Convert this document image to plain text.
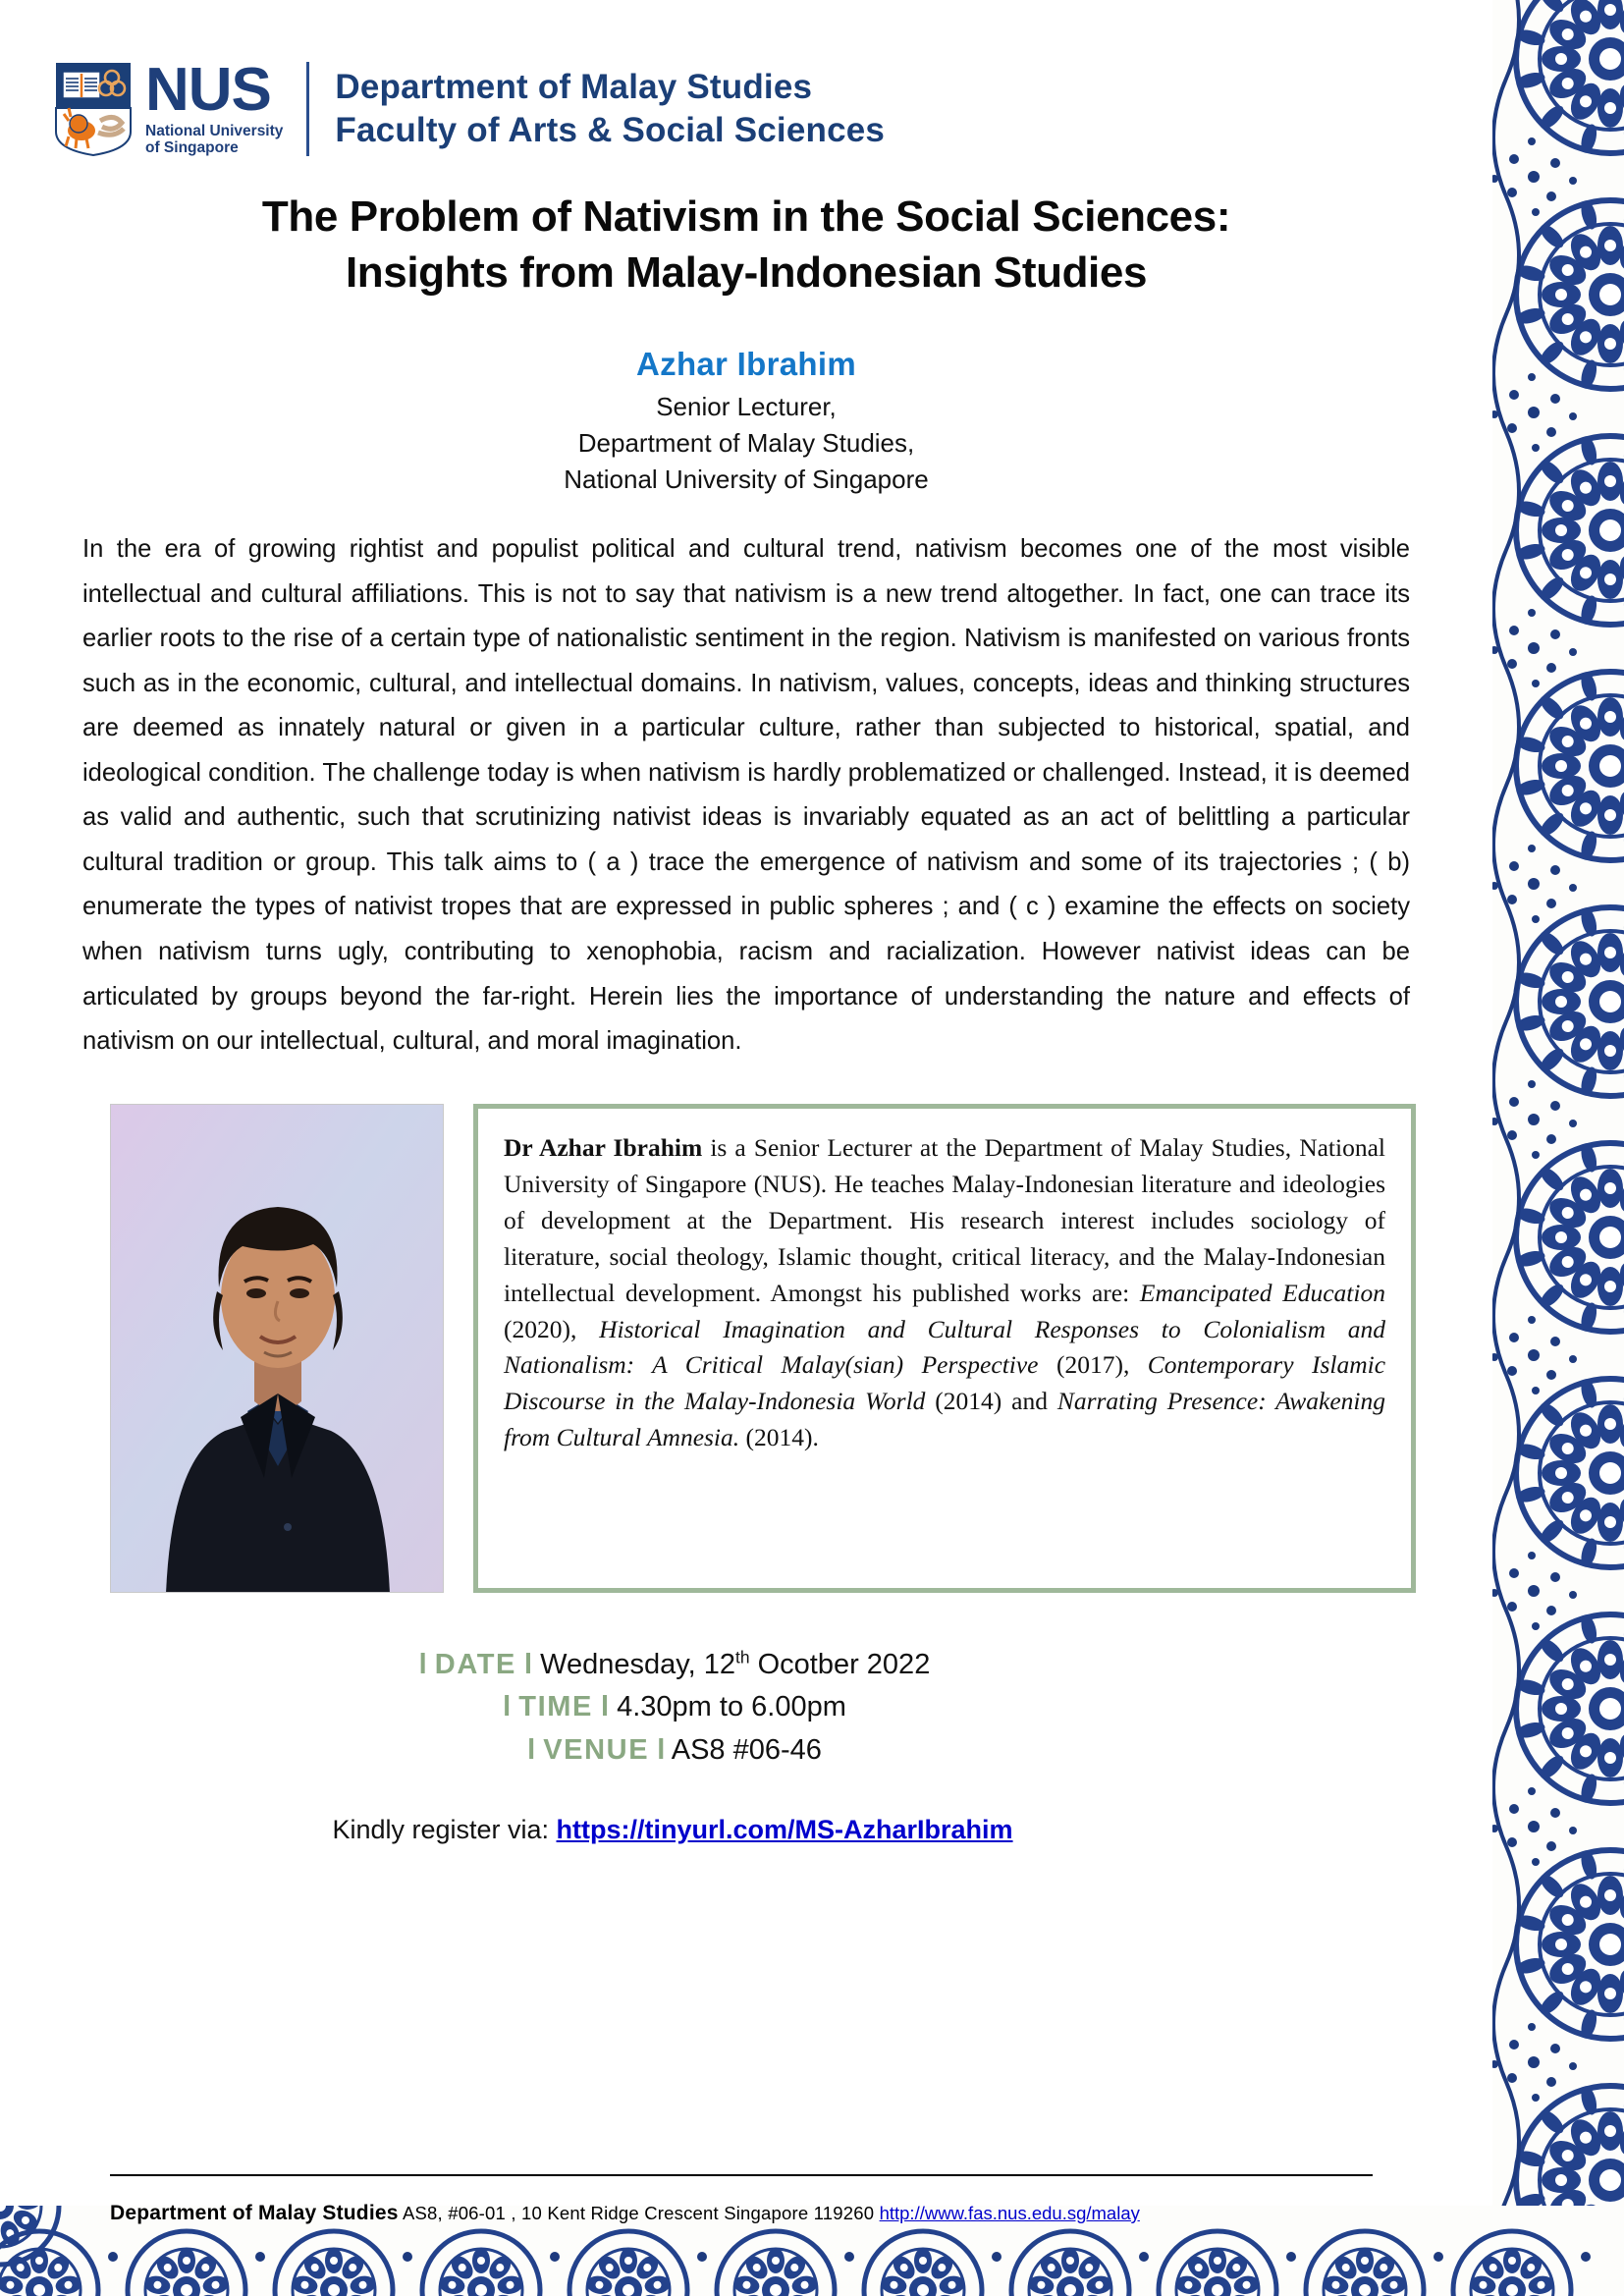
NUS
National University
of Singapore
Department of Malay Studies
Faculty of Arts & Social Sciences
The Problem of Nativism in the Social Sciences:
Insights from Malay-Indonesian Studies
Azhar Ibrahim
Senior Lecturer,
Department of Malay Studies,
National University of Singapore
In the era of growing rightist and populist political and cultural trend, nativism becomes one of the most visible intellectual and cultural affiliations. This is not to say that nativism is a new trend altogether. In fact, one can trace its earlier roots to the rise of a certain type of nationalistic sentiment in the region. Nativism is manifested on various fronts such as in the economic, cultural, and intellectual domains. In nativism, values, concepts, ideas and thinking structures are deemed as innately natural or given in a particular culture, rather than subjected to historical, spatial, and ideological condition. The challenge today is when nativism is hardly problematized or challenged. Instead, it is deemed as valid and authentic, such that scrutinizing nativist ideas is invariably equated as an act of belittling a particular cultural tradition or group. This talk aims to ( a ) trace the emergence of nativism and some of its trajectories ; ( b) enumerate the types of nativist tropes that are expressed in public spheres ; and ( c ) examine the effects on society when nativism turns ugly, contributing to xenophobia, racism and racialization. However nativist ideas can be articulated by groups beyond the far-right. Herein lies the importance of understanding the nature and effects of nativism on our intellectual, cultural, and moral imagination.
Dr Azhar Ibrahim is a Senior Lecturer at the Department of Malay Studies, National University of Singapore (NUS). He teaches Malay-Indonesian literature and ideologies of development at the Department. His research interest includes sociology of literature, social theology, Islamic thought, critical literacy, and the Malay-Indonesian intellectual development. Amongst his published works are: Emancipated Education (2020), Historical Imagination and Cultural Responses to Colonialism and Nationalism: A Critical Malay(sian) Perspective (2017), Contemporary Islamic Discourse in the Malay-Indonesia World (2014) and Narrating Presence: Awakening from Cultural Amnesia. (2014).
l DATE l Wednesday, 12th Ocotber 2022
l TIME l 4.30pm to 6.00pm
l VENUE l AS8 #06-46
Kindly register via: https://tinyurl.com/MS-AzharIbrahim
Department of Malay Studies AS8, #06-01 , 10 Kent Ridge Crescent Singapore 119260 http://www.fas.nus.edu.sg/malay
